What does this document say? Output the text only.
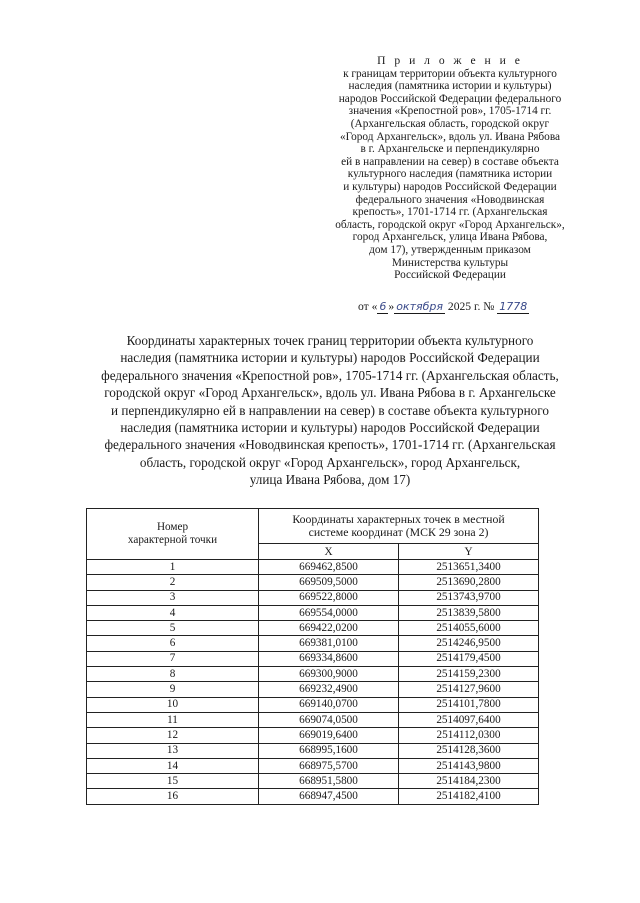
П р и л о ж е н и е
к границам территории объекта культурного
наследия (памятника истории и культуры)
народов Российской Федерации федерального
значения «Крепостной ров», 1705-1714 гг.
(Архангельская область, городской округ
«Город Архангельск», вдоль ул. Ивана Рябова
в г. Архангельске и перпендикулярно
ей в направлении на север) в составе объекта
культурного наследия (памятника истории
и культуры) народов Российской Федерации
федерального значения «Новодвинская
крепость», 1701-1714 гг. (Архангельская
область, городской округ «Город Архангельск»,
город Архангельск, улица Ивана Рябова,
дом 17), утвержденным приказом
Министерства культуры
Российской Федерации
от « 6 » октября 2025 г. № 1778
Координаты характерных точек границ территории объекта культурного
наследия (памятника истории и культуры) народов Российской Федерации
федерального значения «Крепостной ров», 1705-1714 гг. (Архангельская область,
городской округ «Город Архангельск», вдоль ул. Ивана Рябова в г. Архангельске
и перпендикулярно ей в направлении на север) в составе объекта культурного
наследия (памятника истории и культуры) народов Российской Федерации
федерального значения «Новодвинская крепость», 1701-1714 гг. (Архангельская
область, городской округ «Город Архангельск», город Архангельск,
улица Ивана Рябова, дом 17)
Номер
характерной точки	Координаты характерных точек в местной
системе координат (МСК 29 зона 2)	
	X	Y
1	669462,8500	2513651,3400
2	669509,5000	2513690,2800
3	669522,8000	2513743,9700
4	669554,0000	2513839,5800
5	669422,0200	2514055,6000
6	669381,0100	2514246,9500
7	669334,8600	2514179,4500
8	669300,9000	2514159,2300
9	669232,4900	2514127,9600
10	669140,0700	2514101,7800
11	669074,0500	2514097,6400
12	669019,6400	2514112,0300
13	668995,1600	2514128,3600
14	668975,5700	2514143,9800
15	668951,5800	2514184,2300
16	668947,4500	2514182,4100
